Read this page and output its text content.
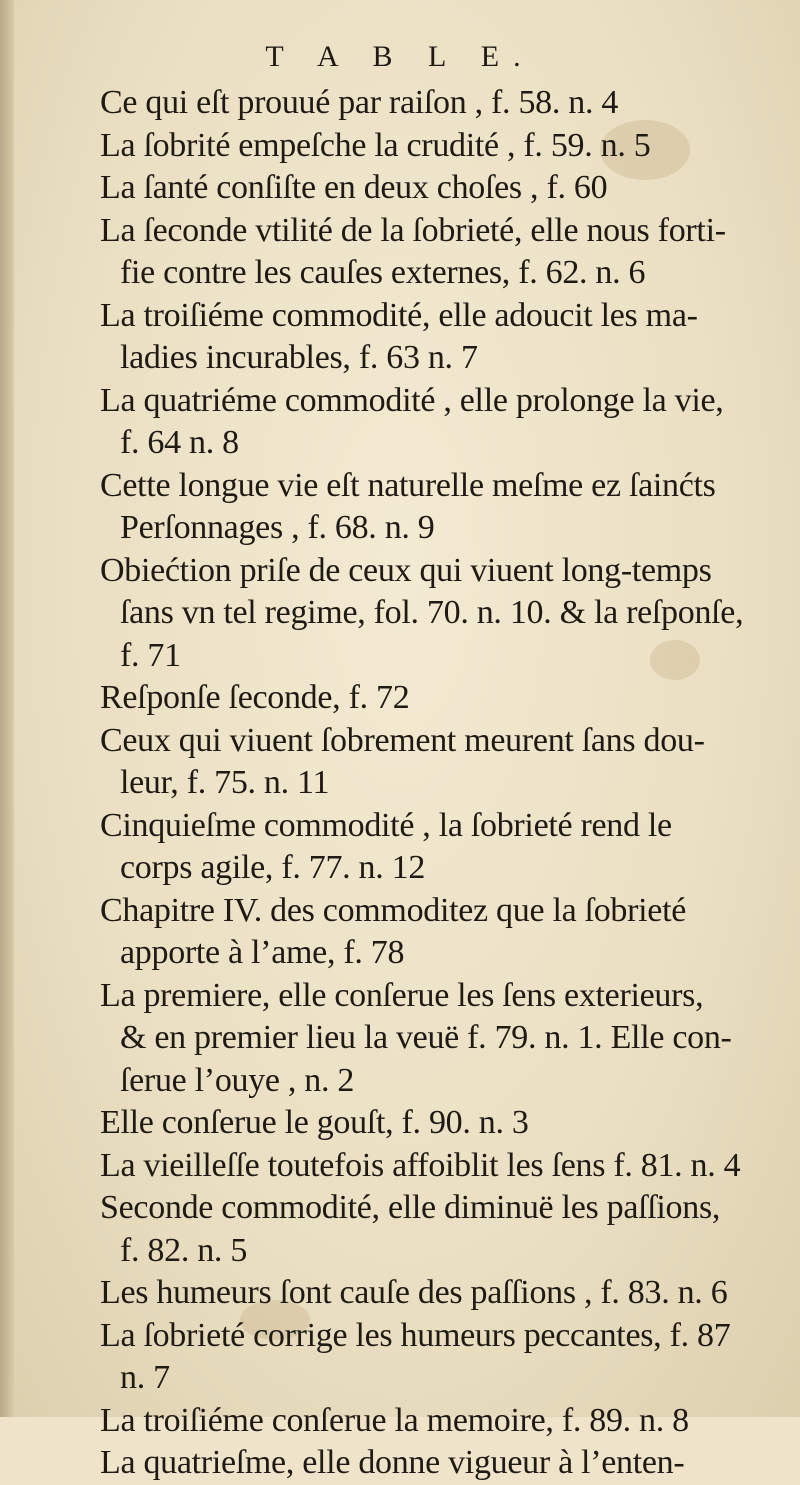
T A B L E.
Ce qui eſt prouué par raiſon , f. 58. n. 4
La ſobrité empeſche la crudité , f. 59. n. 5
La ſanté conſiſte en deux choſes , f. 60
La ſeconde vtilité de la ſobrieté, elle nous forti-
fie contre les cauſes externes, f. 62. n. 6
La troiſiéme commodité, elle adoucit les ma-
ladies incurables, f. 63 n. 7
La quatriéme commodité , elle prolonge la vie,
f. 64 n. 8
Cette longue vie eſt naturelle meſme ez ſainćts
Perſonnages , f. 68. n. 9
Obiećtion priſe de ceux qui viuent long-temps
ſans vn tel regime, fol. 70. n. 10. & la reſponſe,
f. 71
Reſponſe ſeconde, f. 72
Ceux qui viuent ſobrement meurent ſans dou-
leur, f. 75. n. 11
Cinquieſme commodité , la ſobrieté rend le
corps agile, f. 77. n. 12
Chapitre IV. des commoditez que la ſobrieté
apporte à l’ame, f. 78
La premiere, elle conſerue les ſens exterieurs,
& en premier lieu la veuë f. 79. n. 1. Elle con-
ſerue l’ouye , n. 2
Elle conſerue le gouſt, f. 90. n. 3
La vieilleſſe toutefois affoiblit les ſens f. 81. n. 4
Seconde commodité, elle diminuë les paſſions,
f. 82. n. 5
Les humeurs ſont cauſe des paſſions , f. 83. n. 6
La ſobrieté corrige les humeurs peccantes, f. 87
n. 7
La troiſiéme conſerue la memoire, f. 89. n. 8
La quatrieſme, elle donne vigueur à l’enten-
